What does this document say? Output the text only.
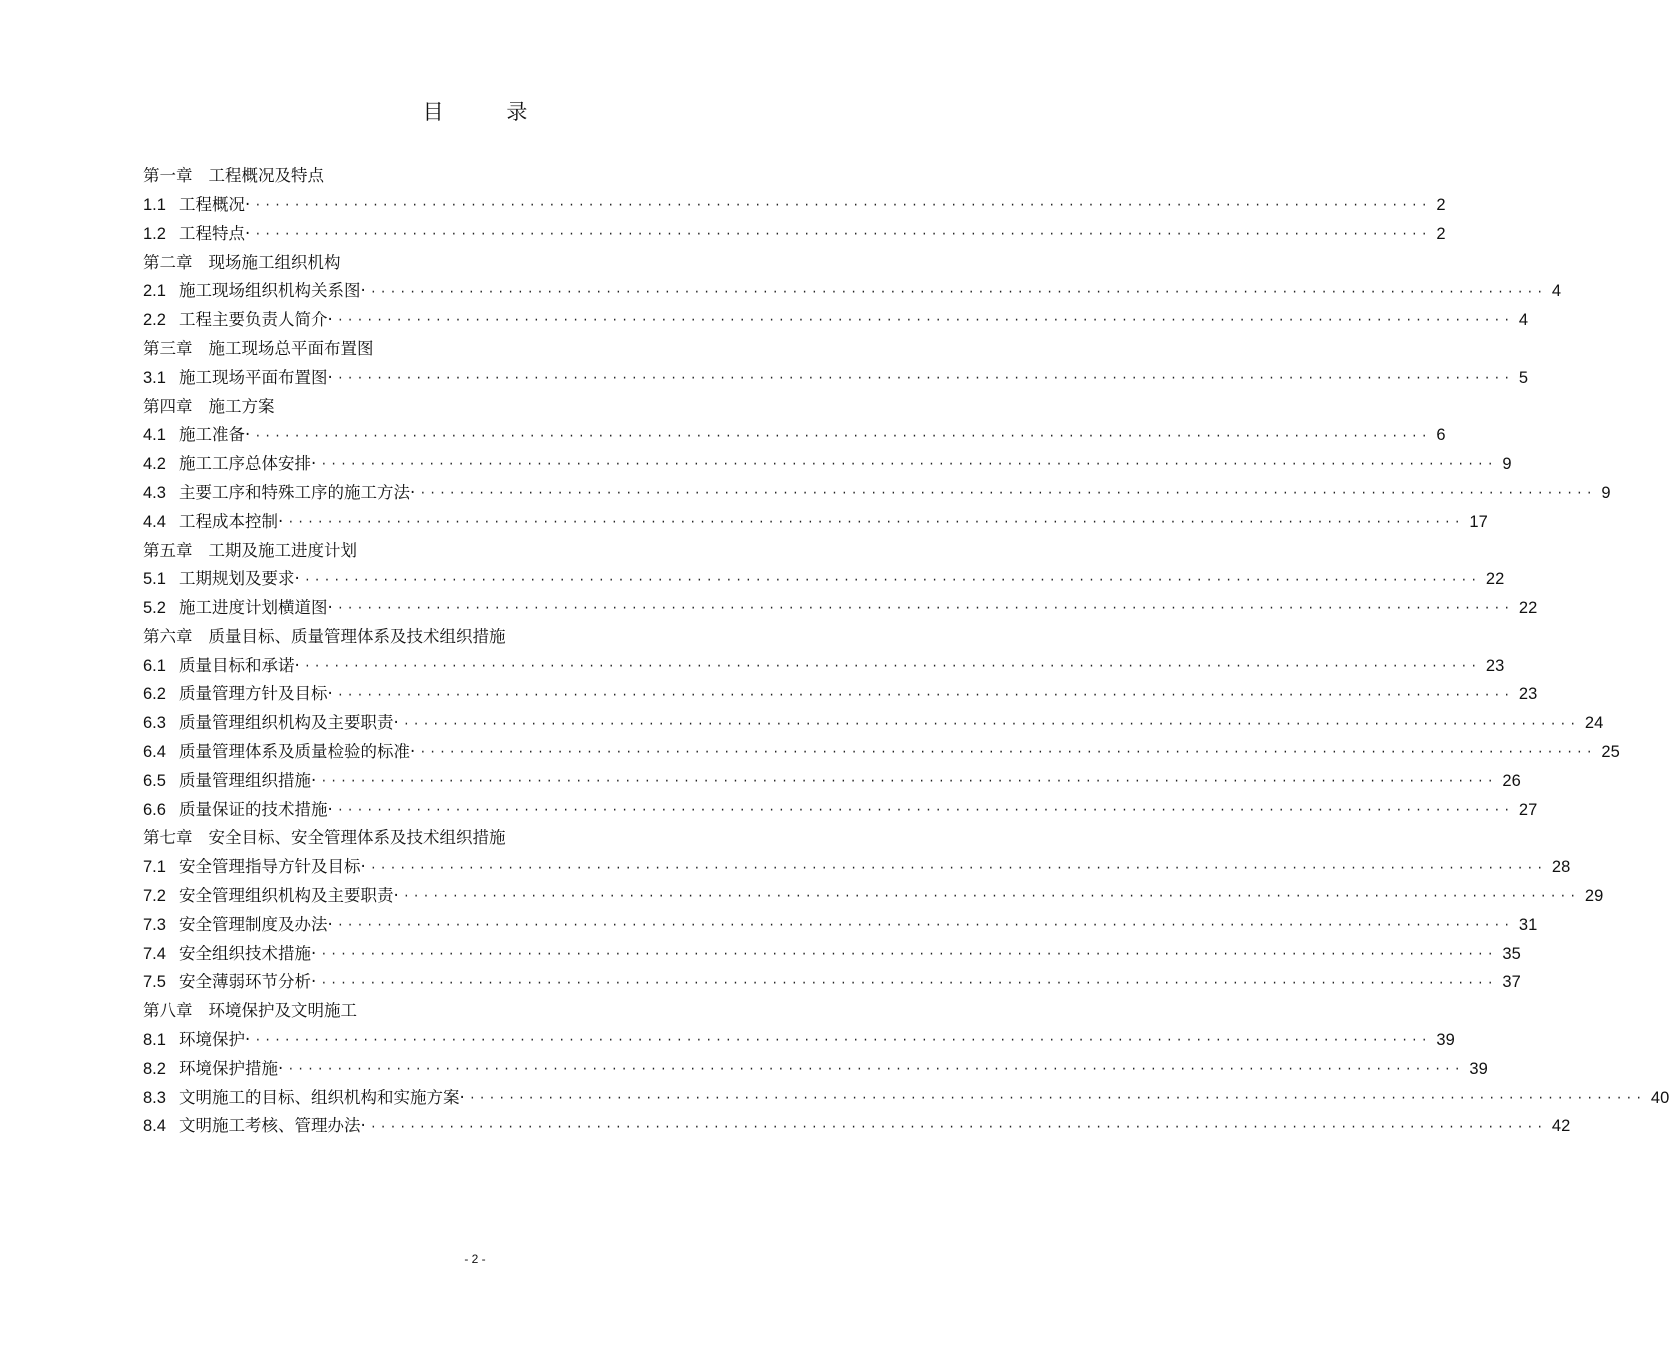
目 录
第一章 工程概况及特点
1.1 工程概况· ························································································································ 2
1.2 工程特点· ························································································································ 2
第二章 现场施工组织机构
2.1 施工现场组织机构关系图· ························································································································ 4
2.2 工程主要负责人简介· ························································································································ 4
第三章 施工现场总平面布置图
3.1 施工现场平面布置图· ························································································································ 5
第四章 施工方案
4.1 施工准备· ························································································································ 6
4.2 施工工序总体安排· ························································································································ 9
4.3 主要工序和特殊工序的施工方法· ························································································································ 9
4.4 工程成本控制· ························································································································ 17
第五章 工期及施工进度计划
5.1 工期规划及要求· ························································································································ 22
5.2 施工进度计划横道图· ························································································································ 22
第六章 质量目标、质量管理体系及技术组织措施
6.1 质量目标和承诺· ························································································································ 23
6.2 质量管理方针及目标· ························································································································ 23
6.3 质量管理组织机构及主要职责· ························································································································ 24
6.4 质量管理体系及质量检验的标准· ························································································································ 25
6.5 质量管理组织措施· ························································································································ 26
6.6 质量保证的技术措施· ························································································································ 27
第七章 安全目标、安全管理体系及技术组织措施
7.1 安全管理指导方针及目标· ························································································································ 28
7.2 安全管理组织机构及主要职责· ························································································································ 29
7.3 安全管理制度及办法· ························································································································ 31
7.4 安全组织技术措施· ························································································································ 35
7.5 安全薄弱环节分析· ························································································································ 37
第八章 环境保护及文明施工
8.1 环境保护· ························································································································ 39
8.2 环境保护措施· ························································································································ 39
8.3 文明施工的目标、组织机构和实施方案· ························································································································ 40
8.4 文明施工考核、管理办法· ························································································································ 42
- 2 -
